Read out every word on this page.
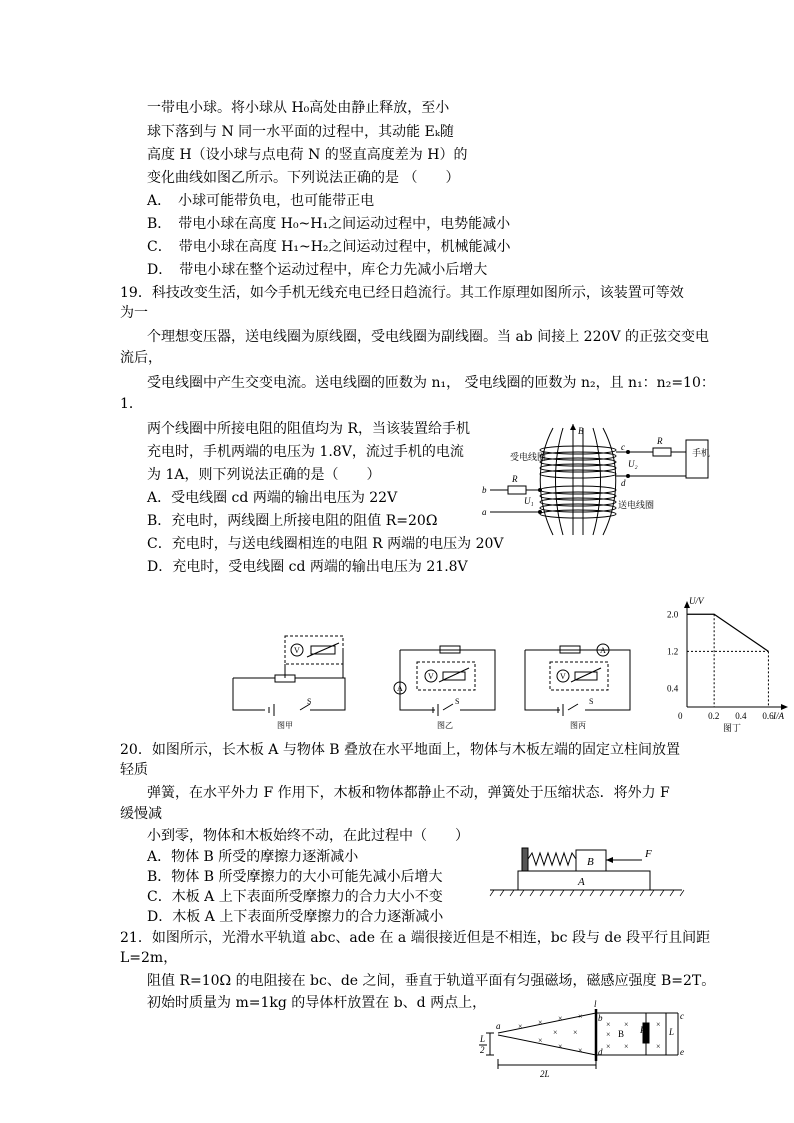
一带电小球。将小球从 H₀高处由静止释放，至小
球下落到与 N 同一水平面的过程中，其动能 Eₖ随
高度 H（设小球与点电荷 N 的竖直高度差为 H）的
变化曲线如图乙所示。下列说法正确的是 （　　）
A．　小球可能带负电，也可能带正电
B．　带电小球在高度 H₀~H₁之间运动过程中，电势能减小
C．　带电小球在高度 H₁~H₂之间运动过程中，机械能减小
D．　带电小球在整个运动过程中，库仑力先减小后增大
19．科技改变生活，如今手机无线充电已经日趋流行。其工作原理如图所示，该装置可等效
为一
个理想变压器，送电线圈为原线圈，受电线圈为副线圈。当 ab 间接上 220V 的正弦交变电
流后，
受电线圈中产生交变电流。送电线圈的匝数为 n₁， 受电线圈的匝数为 n₂，且 n₁：n₂=10：
1．
两个线圈中所接电阻的阻值均为 R，当该装置给手机
充电时，手机两端的电压为 1.8V，流过手机的电流
为 1A，则下列说法正确的是（　　）
A．受电线圈 cd 两端的输出电压为 22V
B．充电时，两线圈上所接电阻的阻值 R=20Ω
C．充电时，与送电线圈相连的电阻 R 两端的电压为 20V
D．充电时，受电线圈 cd 两端的输出电压为 21.8V
受电线圈
送电线圈
B
R
R
U₂
U₁
c
d
b
a
手机
V
S
A
V
S
A
V
S
图甲	图乙	图丙
U/V
I/A
2.0
1.2
0.4
0.2 0.4 0.6
0
图丁
20．如图所示，长木板 A 与物体 B 叠放在水平地面上，物体与木板左端的固定立柱间放置
轻质
弹簧，在水平外力 F 作用下，木板和物体都静止不动，弹簧处于压缩状态．将外力 F
缓慢减
小到零，物体和木板始终不动，在此过程中（　　）
A．物体 B 所受的摩擦力逐渐减小
B．物体 B 所受摩擦力的大小可能先减小后增大
C．木板 A 上下表面所受摩擦力的合力大小不变
D．木板 A 上下表面所受摩擦力的合力逐渐减小
B
A
F
21．如图所示，光滑水平轨道 abc、ade 在 a 端很接近但是不相连，bc 段与 de 段平行且间距
L=2m，
阻值 R=10Ω 的电阻接在 bc、de 之间，垂直于轨道平面有匀强磁场，磁感应强度 B=2T。
初始时质量为 m=1kg 的导体杆放置在 b、d 两点上，
× × × ×
×
× ×
× ×
× ×
× ×
×
×
×
a
b
d
c
e
L
R
l
L
2
2L
B
